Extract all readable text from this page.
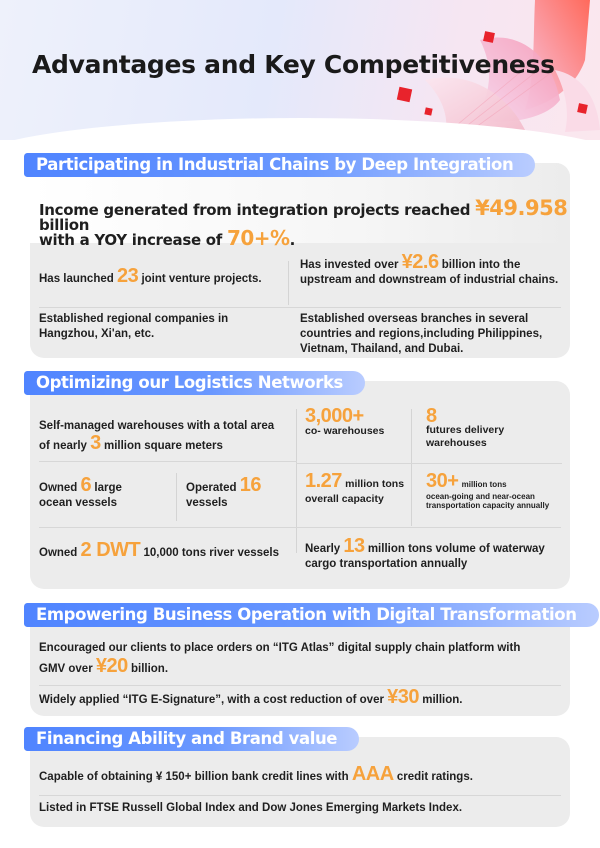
Advantages and Key Competitiveness
Participating in Industrial Chains by Deep Integration
Income generated from integration projects reached ¥49.958 billion
with a YOY increase of 70+%.
Has launched 23 joint venture projects.
Has invested over ¥2.6 billion into the
upstream and downstream of industrial chains.
Established regional companies in Hangzhou, Xi'an, etc.
Established overseas branches in several countries and regions,including Philippines, Vietnam, Thailand, and Dubai.
Optimizing our Logistics Networks
Self-managed warehouses with a total area
of nearly 3 million square meters
3,000+
co- warehouses
8
futures delivery warehouses
Owned 6 large
ocean vessels
Operated 16
vessels
1.27 million tons
overall capacity
30+ million tons
ocean-going and near-ocean transportation capacity annually
Owned 2 DWT 10,000 tons river vessels	Nearly 13 million tons volume of waterway
cargo transportation annually
Empowering Business Operation with Digital Transformation
Encouraged our clients to place orders on “ITG Atlas” digital supply chain platform with
GMV over ¥20 billion.
Widely applied “ITG E-Signature”, with a cost reduction of over ¥30 million.
Financing Ability and Brand value
Capable of obtaining ¥ 150+ billion bank credit lines with AAA credit ratings.
Listed in FTSE Russell Global Index and Dow Jones Emerging Markets Index.
